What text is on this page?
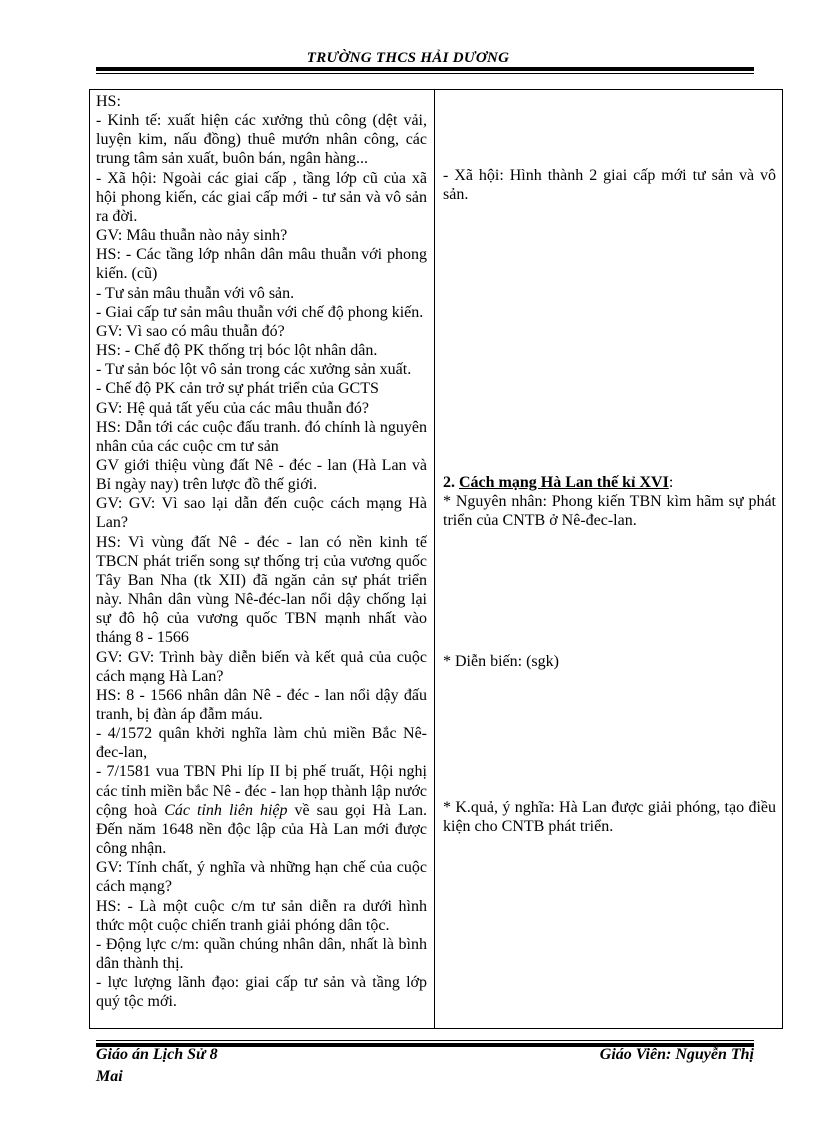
TRƯỜNG THCS HẢI DƯƠNG

HS:

- Kinh tế: xuất hiện các xưởng thủ công (dệt vải, luyện kim, nấu đồng) thuê mướn nhân công, các trung tâm sản xuất, buôn bán, ngân hàng...

- Xã hội: Ngoài các giai cấp , tầng lớp cũ của xã hội phong kiến, các giai cấp mới - tư sản và vô sản ra đời.

GV: Mâu thuẫn nào nảy sinh?

HS: - Các tầng lớp nhân dân mâu thuẫn với phong kiến. (cũ)

- Tư sản mâu thuẫn với vô sản.

- Giai cấp tư sản mâu thuẫn với chế độ phong kiến.

GV: Vì sao có mâu thuẫn đó?

HS: - Chế độ PK thống trị bóc lột nhân dân.

- Tư sản bóc lột vô sản trong các xưởng sản xuất.

- Chế độ PK cản trở sự phát triển của GCTS

GV: Hệ quả tất yếu của các mâu thuẫn đó?

HS: Dẫn tới các cuộc đấu tranh. đó chính là nguyên nhân của các cuộc cm tư sản

GV giới thiệu vùng đất Nê - đéc - lan (Hà Lan và Bỉ ngày nay) trên lược đồ thế giới.

GV: GV: Vì sao lại dẫn đến cuộc cách mạng Hà Lan?

HS: Vì vùng đất Nê - đéc - lan có nền kinh tế TBCN phát triển song sự thống trị của vương quốc Tây Ban Nha (tk XII) đã ngăn cản sự phát triển này. Nhân dân vùng Nê-đéc-lan nổi dậy chống lại sự đô hộ của vương quốc TBN mạnh nhất vào tháng 8 - 1566

GV: GV: Trình bày diễn biến và kết quả của cuộc cách mạng Hà Lan?

HS: 8 - 1566 nhân dân Nê - đéc - lan nổi dậy đấu tranh, bị đàn áp đẫm máu.

- 4/1572 quân khởi nghĩa làm chủ miền Bắc Nê-đec-lan,

- 7/1581 vua TBN Phi líp II bị phế truất, Hội nghị các tỉnh miền bắc Nê - đéc - lan họp thành lập nước cộng hoà Các tỉnh liên hiệp về sau gọi Hà Lan. Đến năm 1648 nền độc lập của Hà Lan mới được công nhận.

GV: Tính chất, ý nghĩa và những hạn chế của cuộc cách mạng?

HS: - Là một cuộc c/m tư sản diễn ra dưới hình thức một cuộc chiến tranh giải phóng dân tộc.

- Động lực c/m: quần chúng nhân dân, nhất là bình dân thành thị.

- lực lượng lãnh đạo: giai cấp tư sản và tầng lớp quý tộc mới.

- Xã hội: Hình thành 2 giai cấp mới tư sản và vô sản.

2. Cách mạng Hà Lan thế kỉ XVI:

* Nguyên nhân: Phong kiến TBN kìm hãm sự phát triển của CNTB ở Nê-đec-lan.

* Diễn biến: (sgk)

* K.quả, ý nghĩa: Hà Lan được giải phóng, tạo điều kiện cho CNTB phát triển.

Giáo án Lịch Sử 8
Mai
Giáo Viên: Nguyễn Thị
